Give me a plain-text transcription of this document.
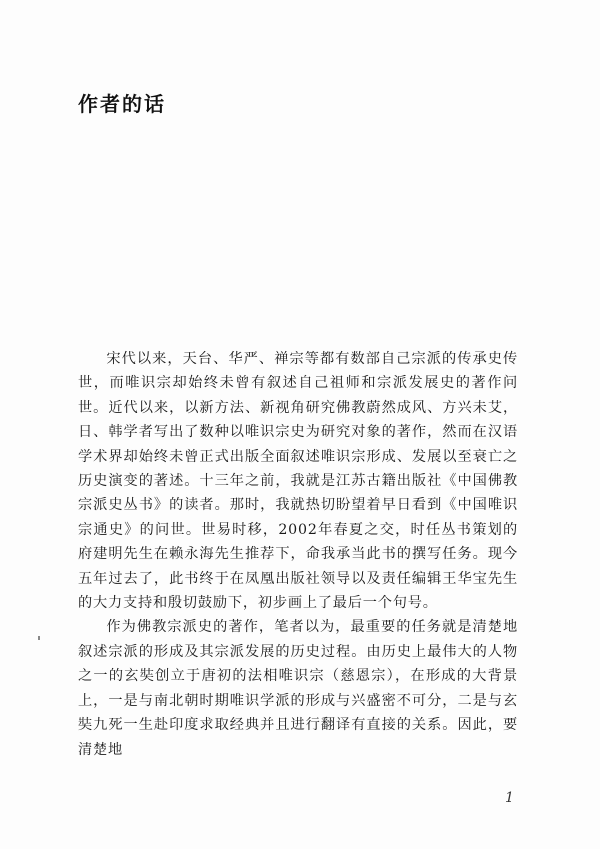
作者的话

宋代以来，天台、华严、禅宗等都有数部自己宗派的传承史传世，而唯识宗却始终未曾有叙述自己祖师和宗派发展史的著作问世。近代以来，以新方法、新视角研究佛教蔚然成风、方兴未艾，日、韩学者写出了数种以唯识宗史为研究对象的著作，然而在汉语学术界却始终未曾正式出版全面叙述唯识宗形成、发展以至衰亡之历史演变的著述。十三年之前，我就是江苏古籍出版社《中国佛教宗派史丛书》的读者。那时，我就热切盼望着早日看到《中国唯识宗通史》的问世。世易时移，2002年春夏之交，时任丛书策划的府建明先生在赖永海先生推荐下，命我承当此书的撰写任务。现今五年过去了，此书终于在凤凰出版社领导以及责任编辑王华宝先生的大力支持和殷切鼓励下，初步画上了最后一个句号。

作为佛教宗派史的著作，笔者以为，最重要的任务就是清楚地叙述宗派的形成及其宗派发展的历史过程。由历史上最伟大的人物之一的玄奘创立于唐初的法相唯识宗（慈恩宗），在形成的大背景上，一是与南北朝时期唯识学派的形成与兴盛密不可分，二是与玄奘九死一生赴印度求取经典并且进行翻译有直接的关系。因此，要清楚地

1
